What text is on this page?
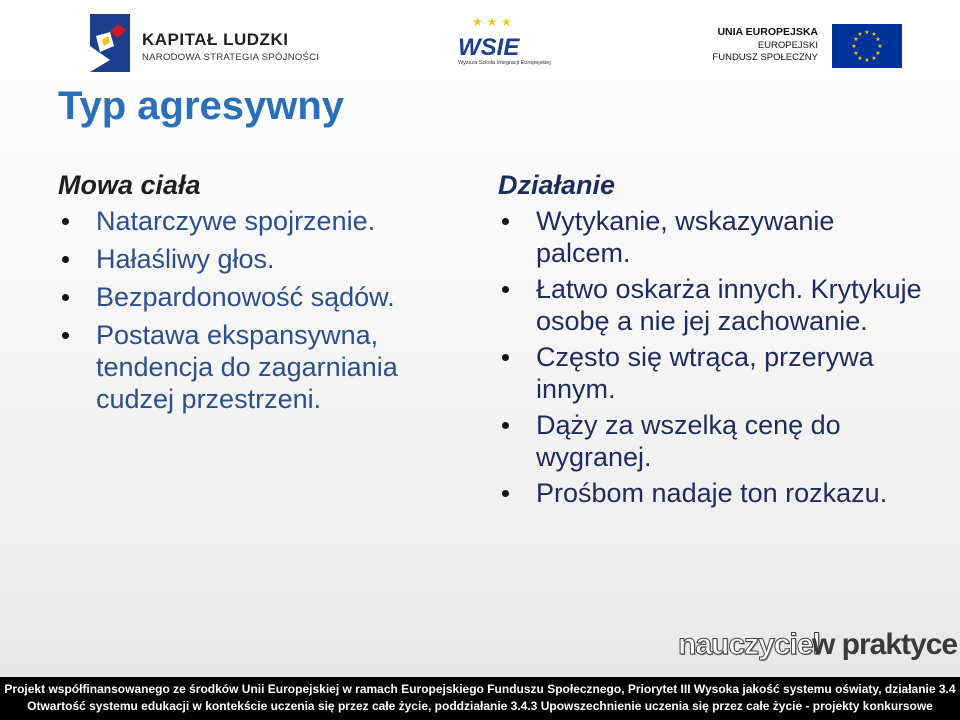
KAPITAŁ LUDZKI
NARODOWA STRATEGIA SPÓJNOŚCI
★ ★ ★
WSIE
Wyższa Szkoła Integracji Europejskiej
UNIA EUROPEJSKA
EUROPEJSKI
FUNDUSZ SPOŁECZNY
★ ★
★
★
★
★
★
★
★
★
★
★
Typ agresywny
Mowa ciała
Natarczywe spojrzenie.
Hałaśliwy głos.
Bezpardonowość sądów.
Postawa ekspansywna, tendencja do zagarniania cudzej przestrzeni.
Działanie
Wytykanie, wskazywanie palcem.
Łatwo oskarża innych. Krytykuje osobę a nie jej zachowanie.
Często się wtrąca, przerywa innym.
Dąży za wszelką cenę do wygranej.
Prośbom nadaje ton rozkazu.
nauczyciel
w praktyce
Projekt współfinansowanego ze środków Unii Europejskiej w ramach Europejskiego Funduszu Społecznego, Priorytet III Wysoka jakość systemu oświaty, działanie 3.4
Otwartość systemu edukacji w kontekście uczenia się przez całe życie, poddziałanie 3.4.3 Upowszechnienie uczenia się przez całe życie - projekty konkursowe
